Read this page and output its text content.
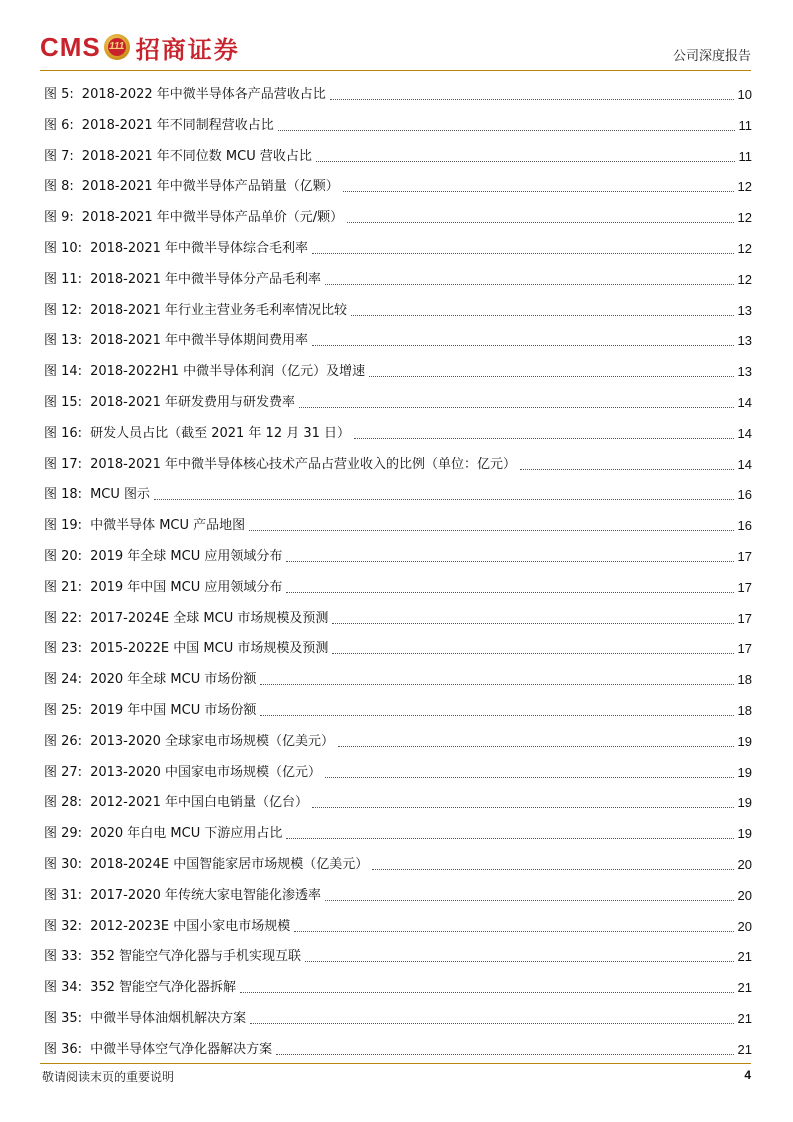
CMS 111 招商证券	公司深度报告
图 5: 2018-2022 年中微半导体各产品营收占比	10
图 6: 2018-2021 年不同制程营收占比	11
图 7: 2018-2021 年不同位数 MCU 营收占比	11
图 8: 2018-2021 年中微半导体产品销量（亿颗）	12
图 9: 2018-2021 年中微半导体产品单价（元/颗）	12
图 10: 2018-2021 年中微半导体综合毛利率	12
图 11: 2018-2021 年中微半导体分产品毛利率	12
图 12: 2018-2021 年行业主营业务毛利率情况比较	13
图 13: 2018-2021 年中微半导体期间费用率	13
图 14: 2018-2022H1 中微半导体利润（亿元）及增速	13
图 15: 2018-2021 年研发费用与研发费率	14
图 16: 研发人员占比（截至 2021 年 12 月 31 日）	14
图 17: 2018-2021 年中微半导体核心技术产品占营业收入的比例（单位：亿元）	14
图 18: MCU 图示	16
图 19: 中微半导体 MCU 产品地图	16
图 20: 2019 年全球 MCU 应用领域分布	17
图 21: 2019 年中国 MCU 应用领域分布	17
图 22: 2017-2024E 全球 MCU 市场规模及预测	17
图 23: 2015-2022E 中国 MCU 市场规模及预测	17
图 24: 2020 年全球 MCU 市场份额	18
图 25: 2019 年中国 MCU 市场份额	18
图 26: 2013-2020 全球家电市场规模（亿美元）	19
图 27: 2013-2020 中国家电市场规模（亿元）	19
图 28: 2012-2021 年中国白电销量（亿台）	19
图 29: 2020 年白电 MCU 下游应用占比	19
图 30: 2018-2024E 中国智能家居市场规模（亿美元）	20
图 31: 2017-2020 年传统大家电智能化渗透率	20
图 32: 2012-2023E 中国小家电市场规模	20
图 33: 352 智能空气净化器与手机实现互联	21
图 34: 352 智能空气净化器拆解	21
图 35: 中微半导体油烟机解决方案	21
图 36: 中微半导体空气净化器解决方案	21
敬请阅读末页的重要说明	4
